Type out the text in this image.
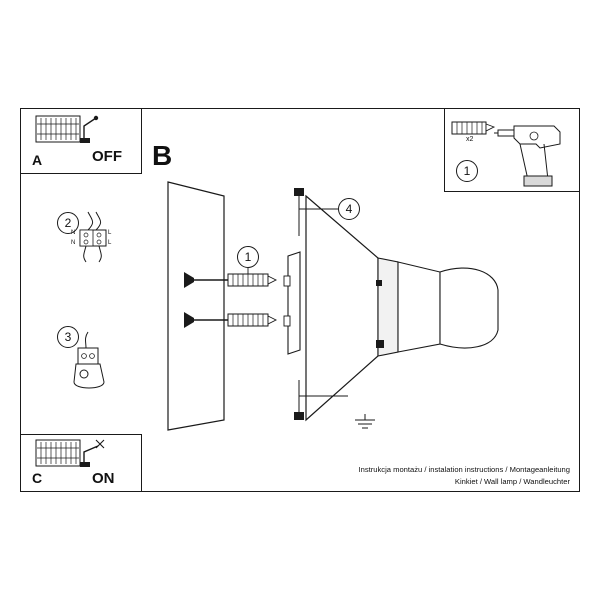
A	OFF
1
2
3
4
1
x2
C	ON
B
N	L
N	L
Instrukcja montażu / instalation instructions / Montageanleitung
Kinkiet / Wall lamp / Wandleuchter
